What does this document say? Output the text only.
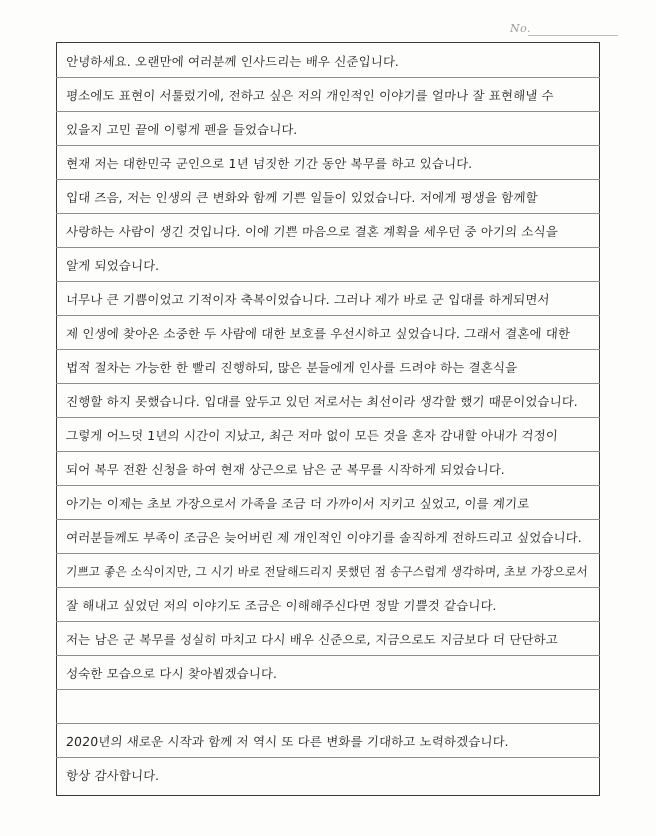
No.
안녕하세요. 오랜만에 여러분께 인사드리는 배우 신준입니다.
평소에도 표현이 서툴렀기에, 전하고 싶은 저의 개인적인 이야기를 얼마나 잘 표현해낼 수
있을지 고민 끝에 이렇게 펜을 들었습니다.
현재 저는 대한민국 군인으로 1년 넘짓한 기간 동안 복무를 하고 있습니다.
입대 즈음, 저는 인생의 큰 변화와 함께 기쁜 일들이 있었습니다. 저에게 평생을 함께할
사랑하는 사람이 생긴 것입니다. 이에 기쁜 마음으로 결혼 계획을 세우던 중 아기의 소식을
알게 되었습니다.
너무나 큰 기쁨이었고 기적이자 축복이었습니다. 그러나 제가 바로 군 입대를 하게되면서
제 인생에 찾아온 소중한 두 사람에 대한 보호를 우선시하고 싶었습니다. 그래서 결혼에 대한
법적 절차는 가능한 한 빨리 진행하되, 많은 분들에게 인사를 드려야 하는 결혼식을
진행할 하지 못했습니다. 입대를 앞두고 있던 저로서는 최선이라 생각할 했기 때문이었습니다.
그렇게 어느덧 1년의 시간이 지났고, 최근 저마 없이 모든 것을 혼자 감내할 아내가 걱정이
되어 복무 전환 신청을 하여 현재 상근으로 남은 군 복무를 시작하게 되었습니다.
아기는 이제는 초보 가장으로서 가족을 조금 더 가까이서 지키고 싶었고, 이를 계기로
여러분들께도 부족이 조금은 늦어버린 제 개인적인 이야기를 솔직하게 전하드리고 싶었습니다.
기쁘고 좋은 소식이지만, 그 시기 바로 전달해드리지 못했던 점 송구스럽게 생각하며, 초보 가장으로서
잘 해내고 싶었던 저의 이야기도 조금은 이해해주신다면 정말 기쁠것 같습니다.
저는 남은 군 복무를 성실히 마치고 다시 배우 신준으로, 지금으로도 지금보다 더 단단하고
성숙한 모습으로 다시 찾아뵙겠습니다.
2020년의 새로운 시작과 함께 저 역시 또 다른 변화를 기대하고 노력하겠습니다.
항상 감사합니다.
